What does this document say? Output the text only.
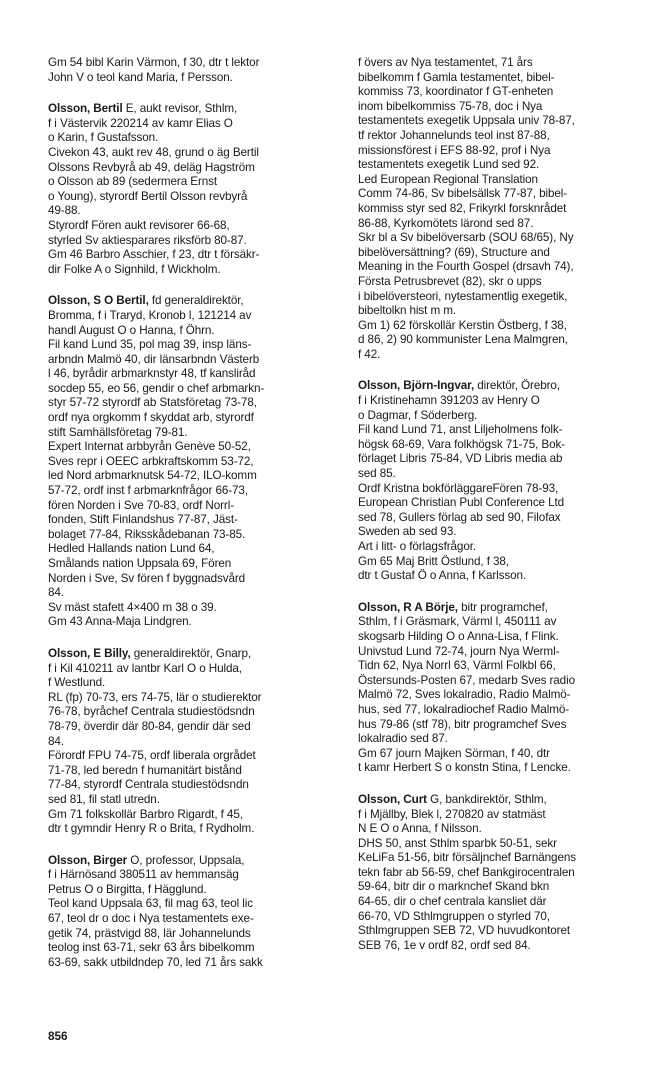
Gm 54 bibl Karin Värmon, f 30, dtr t lektor
John V o teol kand Maria, f Persson.
Olsson, Bertil E, aukt revisor, Sthlm,
f i Västervik 220214 av kamr Elias O
o Karin, f Gustafsson.
Civekon 43, aukt rev 48, grund o äg Bertil
Olssons Revbyrå ab 49, deläg Hagström
o Olsson ab 89 (sedermera Ernst
o Young), styrordf Bertil Olsson revbyrå
49-88.
Styrordf Fören aukt revisorer 66-68,
styrled Sv aktiesparares riksförb 80-87.
Gm 46 Barbro Asschier, f 23, dtr t försäkr-
dir Folke A o Signhild, f Wickholm.
Olsson, S O Bertil, fd generaldirektör,
Bromma, f i Traryd, Kronob l, 121214 av
handl August O o Hanna, f Öhrn.
Fil kand Lund 35, pol mag 39, insp läns-
arbndn Malmö 40, dir länsarbndn Västerb
l 46, byrådir arbmarknstyr 48, tf kanslіråd
socdep 55, eo 56, gendir o chef arbmarkn-
styr 57-72 styrordf ab Statsföretag 73-78,
ordf nya orgkomm f skyddat arb, styrordf
stift Samhällsföretag 79-81.
Expert Internat arbbyrån Genève 50-52,
Sves repr i OEEC arbkraftskomm 53-72,
led Nord arbmarknutsk 54-72, ILO-komm
57-72, ordf inst f arbmarknfrågor 66-73,
fören Norden i Sve 70-83, ordf Norrl-
fonden, Stift Finlandshus 77-87, Jäst-
bolaget 77-84, Riksskådebanan 73-85.
Hedled Hallands nation Lund 64,
Smålands nation Uppsala 69, Fören
Norden i Sve, Sv fören f byggnadsvård
84.
Sv mäst stafett 4×400 m 38 o 39.
Gm 43 Anna-Maja Lindgren.
Olsson, E Billy, generaldirektör, Gnarp,
f i Kil 410211 av lantbr Karl O o Hulda,
f Westlund.
RL (fp) 70-73, ers 74-75, lär o studierektor
76-78, byråchef Centrala studiestödsndn
78-79, överdir där 80-84, gendir där sed
84.
Förordf FPU 74-75, ordf liberala orgrådet
71-78, led beredn f humanitärt bistånd
77-84, styrordf Centrala studiestödsndn
sed 81, fil statl utredn.
Gm 71 folkskollär Barbro Rigardt, f 45,
dtr t gymndir Henry R o Brita, f Rydholm.
Olsson, Birger O, professor, Uppsala,
f i Härnösand 380511 av hemmansäg
Petrus O o Birgitta, f Hägglund.
Teol kand Uppsala 63, fil mag 63, teol lic
67, teol dr o doc i Nya testamentets exe-
getik 74, prästvigd 88, lär Johannelunds
teolog inst 63-71, sekr 63 års bibelkomm
63-69, sakk utbildndep 70, led 71 års sakk
f övers av Nya testamentet, 71 års
bibelkomm f Gamla testamentet, bibel-
kommiss 73, koordinator f GT-enheten
inom bibelkommiss 75-78, doc i Nya
testamentets exegetik Uppsala univ 78-87,
tf rektor Johannelunds teol inst 87-88,
missionsförest i EFS 88-92, prof i Nya
testamentets exegetik Lund sed 92.
Led European Regional Translation
Comm 74-86, Sv bibelsällsk 77-87, bibel-
kommiss styr sed 82, Frikyrkl forsknrådet
86-88, Kyrkomötets lärond sed 87.
Skr bl a Sv bibelöversarb (SOU 68/65), Ny
bibelöversättning? (69), Structure and
Meaning in the Fourth Gospel (drsavh 74),
Första Petrusbrevet (82), skr o upps
i bibelöversteori, nytestamentlig exegetik,
bibeltolkn hist m m.
Gm 1) 62 förskollär Kerstin Östberg, f 38,
d 86, 2) 90 kommunister Lena Malmgren,
f 42.
Olsson, Björn-Ingvar, direktör, Örebro,
f i Kristinehamn 391203 av Henry O
o Dagmar, f Söderberg.
Fil kand Lund 71, anst Liljeholmens folk-
högsk 68-69, Vara folkhögsk 71-75, Bok-
förlaget Libris 75-84, VD Libris media ab
sed 85.
Ordf Kristna bokförläggareFören 78-93,
European Christian Publ Conference Ltd
sed 78, Gullers förlag ab sed 90, Filofax
Sweden ab sed 93.
Art i litt- o förlagsfrågor.
Gm 65 Maj Britt Östlund, f 38,
dtr t Gustaf Ö o Anna, f Karlsson.
Olsson, R A Börje, bitr programchef,
Sthlm, f i Gräsmark, Värml l, 450111 av
skogsarb Hilding O o Anna-Lisa, f Flink.
Univstud Lund 72-74, journ Nya Werml-
Tidn 62, Nya Norrl 63, Värml Folkbl 66,
Östersunds-Posten 67, medarb Sves radio
Malmö 72, Sves lokalradio, Radio Malmö-
hus, sed 77, lokalradiochef Radio Malmö-
hus 79-86 (stf 78), bitr programchef Sves
lokalradio sed 87.
Gm 67 journ Majken Sörman, f 40, dtr
t kamr Herbert S o konstn Stina, f Lencke.
Olsson, Curt G, bankdirektör, Sthlm,
f i Mjällby, Blek l, 270820 av statmäst
N E O o Anna, f Nilsson.
DHS 50, anst Sthlm sparbk 50-51, sekr
KeLiFa 51-56, bitr försäljnchef Barnängens
tekn fabr ab 56-59, chef Bankgirocentralen
59-64, bitr dir o marknchef Skand bkn
64-65, dir o chef centrala kansliet där
66-70, VD Sthlmgruppen o styrled 70,
Sthlmgruppen SEB 72, VD huvudkontoret
SEB 76, 1e v ordf 82, ordf sed 84.
856
